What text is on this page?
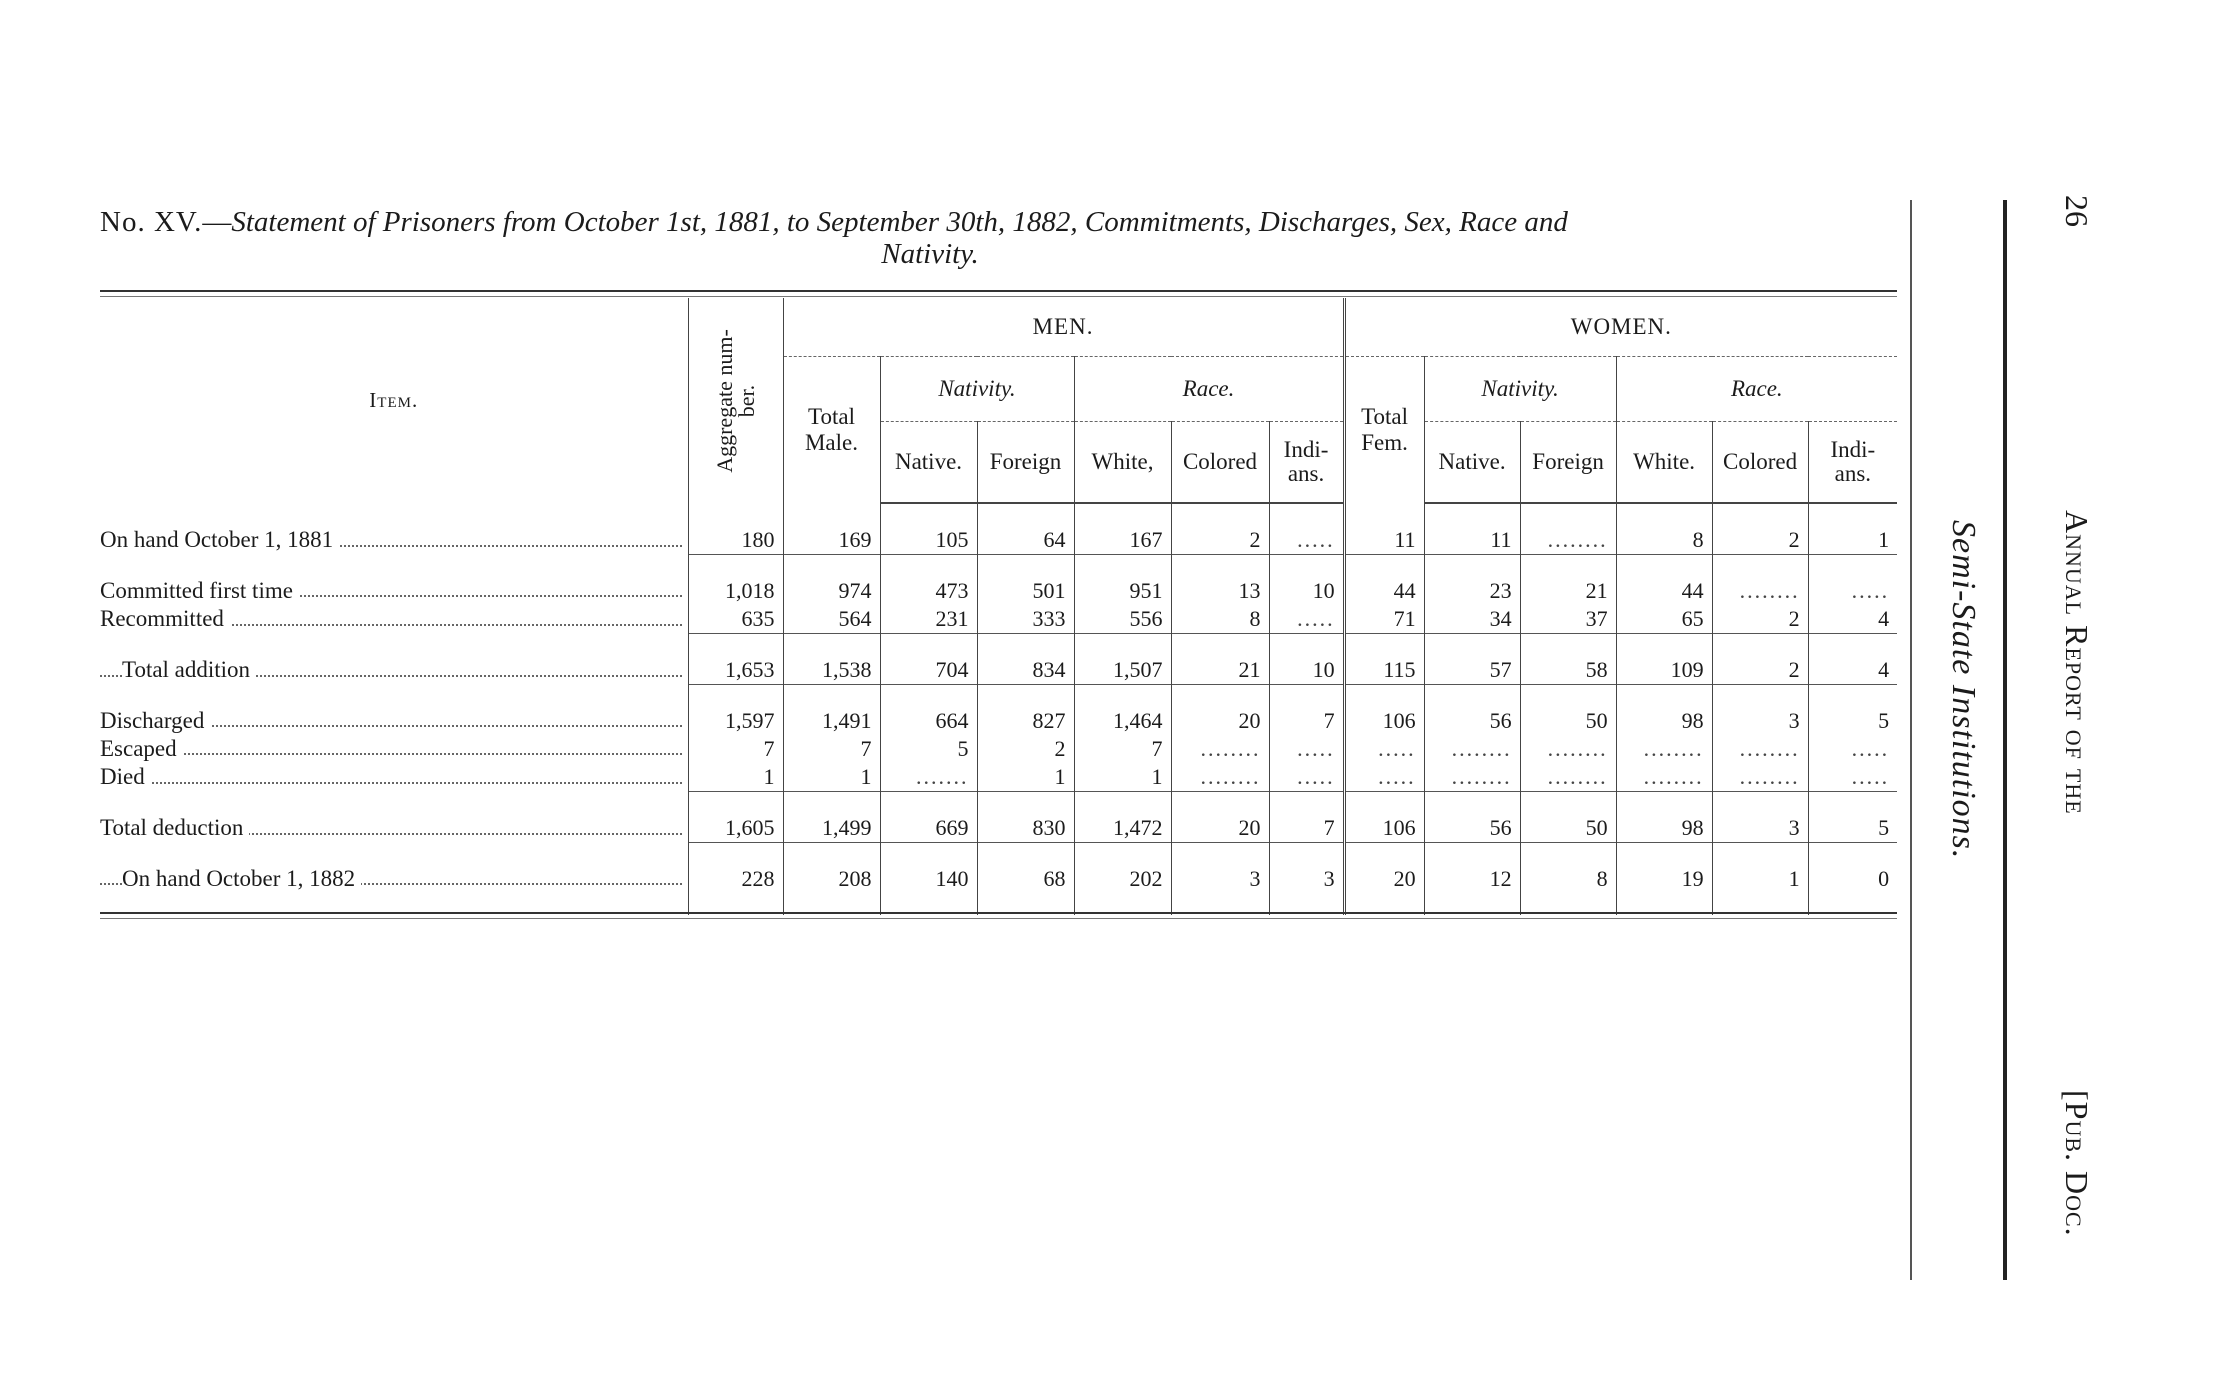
No. XV.—Statement of Prisoners from October 1st, 1881, to September 30th, 1882, Commitments, Discharges, Sex, Race and
Nativity.
Item.	Aggregate num-ber.	MEN.						WOMEN.					
		Total Male.	Nativity.		Race.			Total Fem.	Nativity.		Race.		
			Native.	Foreign	White,	Colored	Indi-ans.		Native.	Foreign	White.	Colored	Indi-ans.

On hand October 1, 1881	180	169	105	64	167	2	.....	11	11	........	8	2	1

Committed first time	1,018	974	473	501	951	13	10	44	23	21	44	........	.....

Recommitted	635	564	231	333	556	8	.....	71	34	37	65	2	4

Total addition	1,653	1,538	704	834	1,507	21	10	115	57	58	109	2	4

Discharged	1,597	1,491	664	827	1,464	20	7	106	56	50	98	3	5

Escaped	7	7	5	2	7	........	.....	.....	........	........	........	........	.....

Died	1	1	.......	1	1	........	.....	.....	........	........	........	........	.....

Total deduction	1,605	1,499	669	830	1,472	20	7	106	56	50	98	3	5

On hand October 1, 1882	228	208	140	68	202	3	3	20	12	8	19	1	0

Semi-State Institutions.
26
Annual Report of the
[Pub. Doc.
